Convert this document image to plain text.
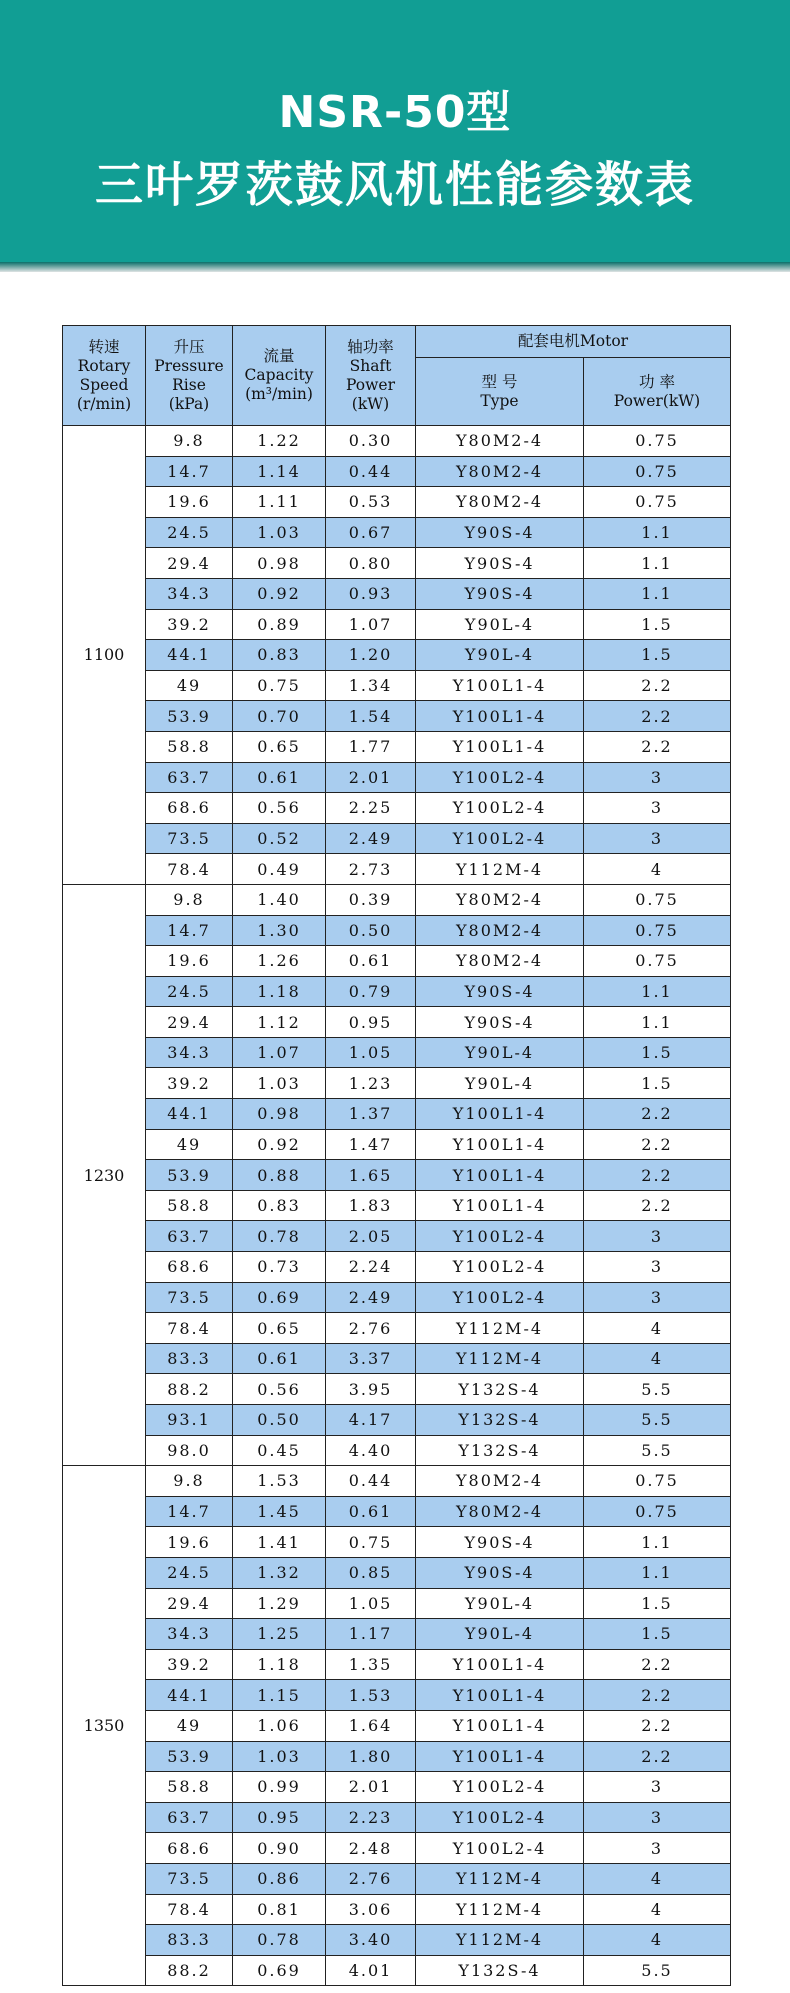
NSR-50型
三叶罗茨鼓风机性能参数表
转速
Rotary
Speed
(r/min)	升压
Pressure
Rise
(kPa)	流量
Capacity
(m³/min)	轴功率
Shaft
Power
(kW)	配套电机Motor	
				型 号
Type	功 率
Power(kW)
1100	9.8	1.22	0.30	Y80M2-4	0.75
	14.7	1.14	0.44	Y80M2-4	0.75
	19.6	1.11	0.53	Y80M2-4	0.75
	24.5	1.03	0.67	Y90S-4	1.1
	29.4	0.98	0.80	Y90S-4	1.1
	34.3	0.92	0.93	Y90S-4	1.1
	39.2	0.89	1.07	Y90L-4	1.5
	44.1	0.83	1.20	Y90L-4	1.5
	49	0.75	1.34	Y100L1-4	2.2
	53.9	0.70	1.54	Y100L1-4	2.2
	58.8	0.65	1.77	Y100L1-4	2.2
	63.7	0.61	2.01	Y100L2-4	3
	68.6	0.56	2.25	Y100L2-4	3
	73.5	0.52	2.49	Y100L2-4	3
	78.4	0.49	2.73	Y112M-4	4
1230	9.8	1.40	0.39	Y80M2-4	0.75
	14.7	1.30	0.50	Y80M2-4	0.75
	19.6	1.26	0.61	Y80M2-4	0.75
	24.5	1.18	0.79	Y90S-4	1.1
	29.4	1.12	0.95	Y90S-4	1.1
	34.3	1.07	1.05	Y90L-4	1.5
	39.2	1.03	1.23	Y90L-4	1.5
	44.1	0.98	1.37	Y100L1-4	2.2
	49	0.92	1.47	Y100L1-4	2.2
	53.9	0.88	1.65	Y100L1-4	2.2
	58.8	0.83	1.83	Y100L1-4	2.2
	63.7	0.78	2.05	Y100L2-4	3
	68.6	0.73	2.24	Y100L2-4	3
	73.5	0.69	2.49	Y100L2-4	3
	78.4	0.65	2.76	Y112M-4	4
	83.3	0.61	3.37	Y112M-4	4
	88.2	0.56	3.95	Y132S-4	5.5
	93.1	0.50	4.17	Y132S-4	5.5
	98.0	0.45	4.40	Y132S-4	5.5
1350	9.8	1.53	0.44	Y80M2-4	0.75
	14.7	1.45	0.61	Y80M2-4	0.75
	19.6	1.41	0.75	Y90S-4	1.1
	24.5	1.32	0.85	Y90S-4	1.1
	29.4	1.29	1.05	Y90L-4	1.5
	34.3	1.25	1.17	Y90L-4	1.5
	39.2	1.18	1.35	Y100L1-4	2.2
	44.1	1.15	1.53	Y100L1-4	2.2
	49	1.06	1.64	Y100L1-4	2.2
	53.9	1.03	1.80	Y100L1-4	2.2
	58.8	0.99	2.01	Y100L2-4	3
	63.7	0.95	2.23	Y100L2-4	3
	68.6	0.90	2.48	Y100L2-4	3
	73.5	0.86	2.76	Y112M-4	4
	78.4	0.81	3.06	Y112M-4	4
	83.3	0.78	3.40	Y112M-4	4
	88.2	0.69	4.01	Y132S-4	5.5
